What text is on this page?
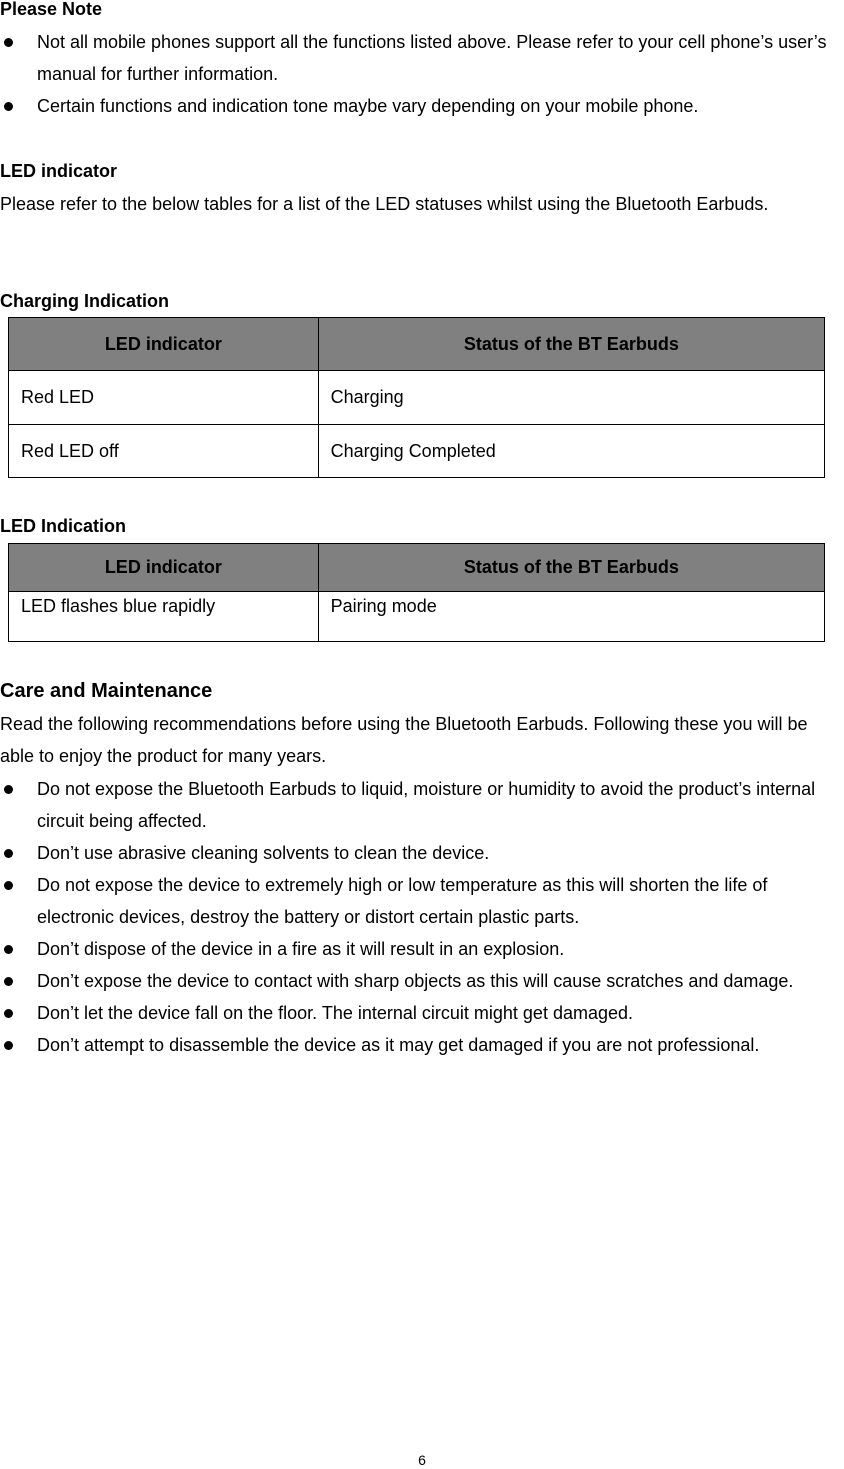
Please Note
Not all mobile phones support all the functions listed above. Please refer to your cell phone’s user’s manual for further information.
Certain functions and indication tone maybe vary depending on your mobile phone.
LED indicator
Please refer to the below tables for a list of the LED statuses whilst using the Bluetooth Earbuds.
Charging Indication
LED indicator	Status of the BT Earbuds
Red LED	Charging
Red LED off	Charging Completed
LED Indication
LED indicator	Status of the BT Earbuds
LED flashes blue rapidly	Pairing mode
Care and Maintenance
Read the following recommendations before using the Bluetooth Earbuds. Following these you will be able to enjoy the product for many years.
Do not expose the Bluetooth Earbuds to liquid, moisture or humidity to avoid the product’s internal circuit being affected.
Don’t use abrasive cleaning solvents to clean the device.
Do not expose the device to extremely high or low temperature as this will shorten the life of electronic devices, destroy the battery or distort certain plastic parts.
Don’t dispose of the device in a fire as it will result in an explosion.
Don’t expose the device to contact with sharp objects as this will cause scratches and damage.
Don’t let the device fall on the floor. The internal circuit might get damaged.
Don’t attempt to disassemble the device as it may get damaged if you are not professional.
6
